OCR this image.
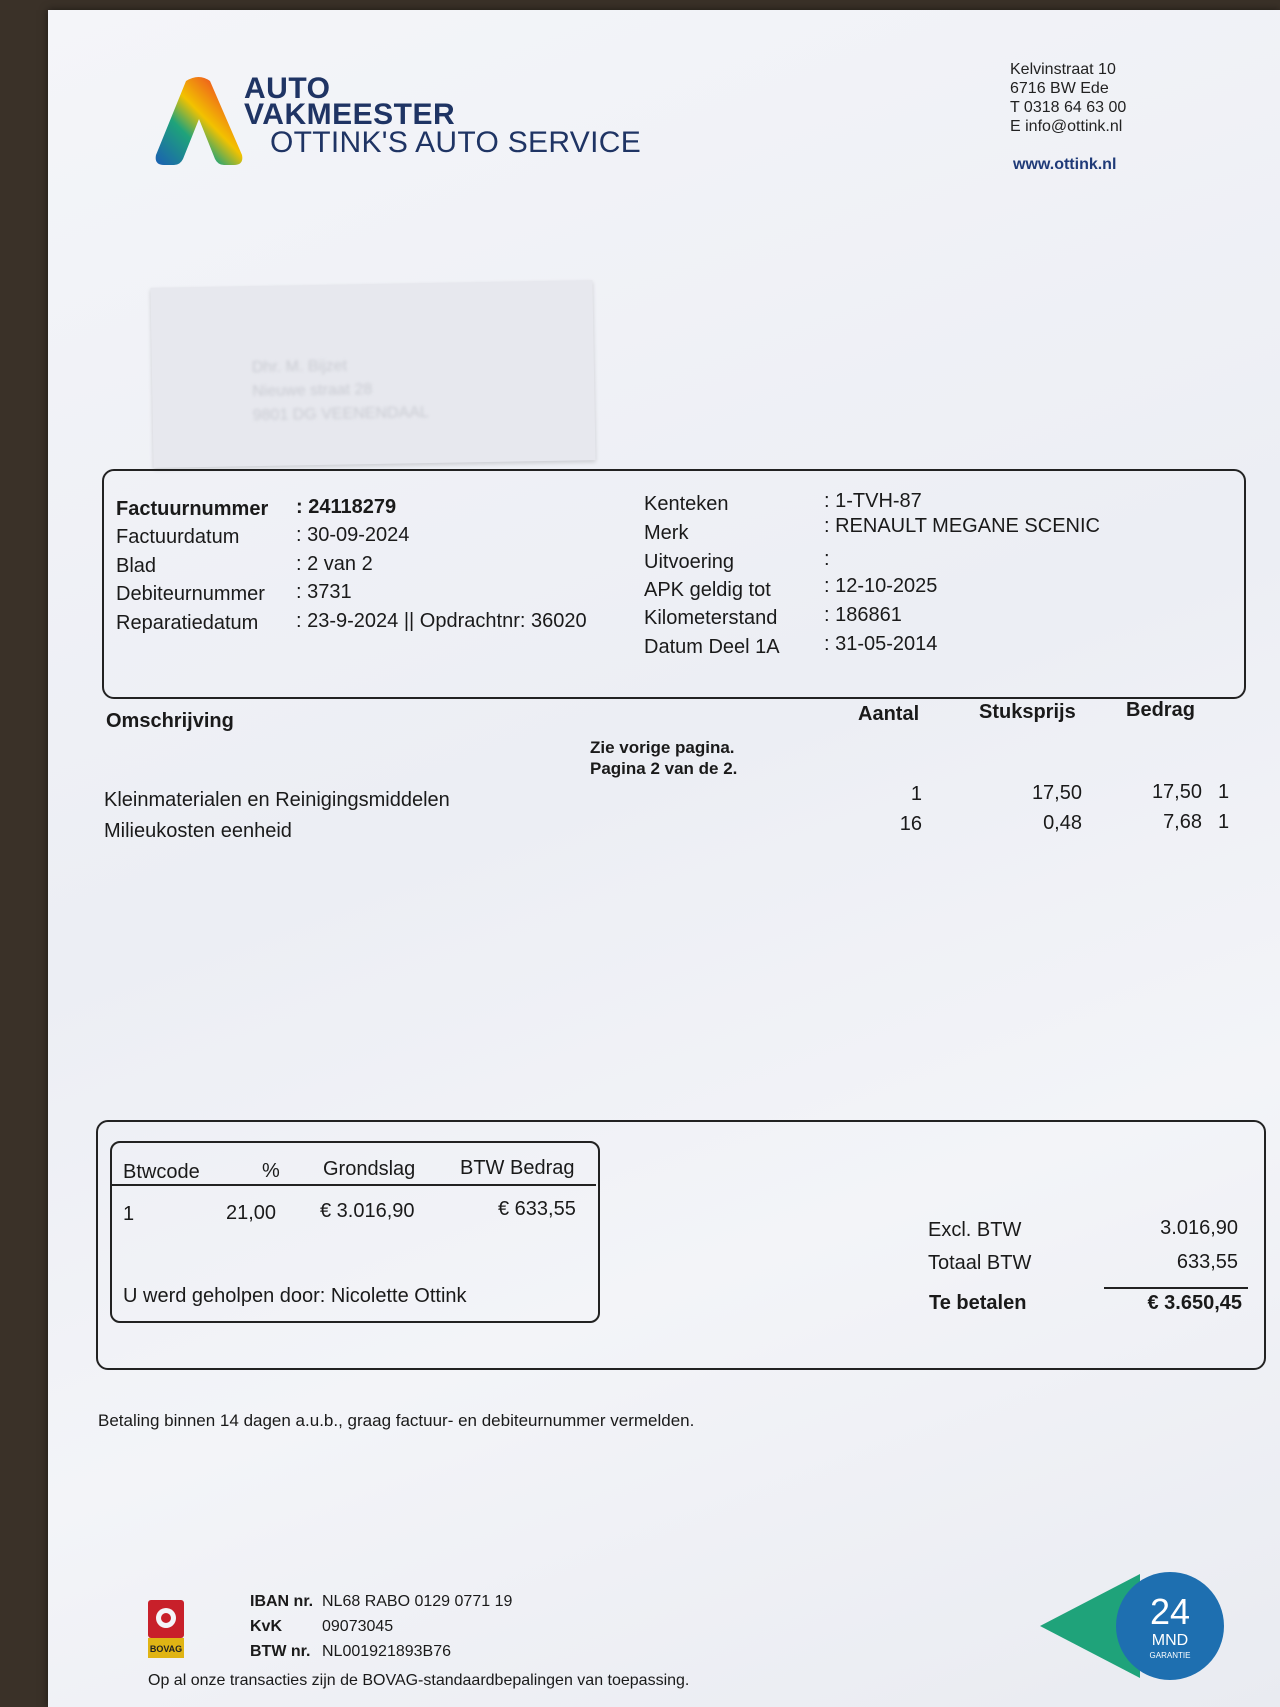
AUTO
VAKMEESTER
OTTINK'S AUTO SERVICE
Kelvinstraat 10
6716 BW Ede
T 0318 64 63 00
E info@ottink.nl
www.ottink.nl
Dhr. M. Bijzet
Nieuwe straat 28
9801 DG VEENENDAAL
Factuurnummer : 24118279
Factuurdatum	: 30-09-2024
Blad	: 2 van 2
Debiteurnummer : 3731
Reparatiedatum : 23-9-2024 || Opdrachtnr: 36020
Kenteken	: 1-TVH-87
Merk	: RENAULT MEGANE SCENIC
Uitvoering	:
APK geldig tot	: 12-10-2025
Kilometerstand : 186861
Datum Deel 1A : 31-05-2014
Omschrijving	Aantal	Stuksprijs	Bedrag
Zie vorige pagina.
Pagina 2 van de 2.
Kleinmaterialen en Reinigingsmiddelen	1	17,50	17,50 1
Milieukosten eenheid	16	0,48	7,68 1
Btwcode	% Grondslag BTW Bedrag
1	21,00 € 3.016,90	€ 633,55
U werd geholpen door: Nicolette Ottink
Excl. BTW	3.016,90
Totaal BTW	633,55
Te betalen	€ 3.650,45
Betaling binnen 14 dagen a.u.b., graag factuur- en debiteurnummer vermelden.
BOVAG
IBAN nr. NL68 RABO 0129 0771 19
KvK 09073045
BTW nr. NL001921893B76
Op al onze transacties zijn de BOVAG-standaardbepalingen van toepassing.
24
MND
GARANTIE
